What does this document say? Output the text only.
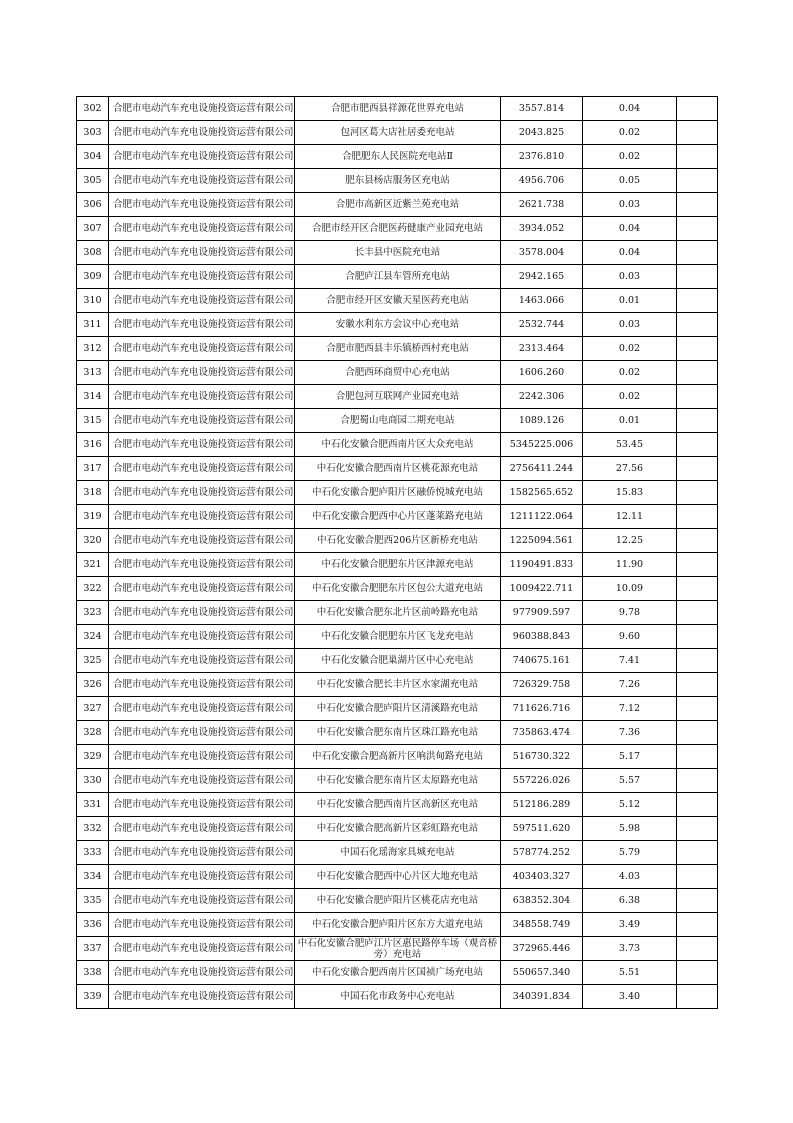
302	合肥市电动汽车充电设施投资运营有限公司	合肥市肥西县祥源花世界充电站	3557.814	0.04	
303	合肥市电动汽车充电设施投资运营有限公司	包河区葛大店社居委充电站	2043.825	0.02	
304	合肥市电动汽车充电设施投资运营有限公司	合肥肥东人民医院充电站Ⅱ	2376.810	0.02	
305	合肥市电动汽车充电设施投资运营有限公司	肥东县杨店服务区充电站	4956.706	0.05	
306	合肥市电动汽车充电设施投资运营有限公司	合肥市高新区近紫兰苑充电站	2621.738	0.03	
307	合肥市电动汽车充电设施投资运营有限公司	合肥市经开区合肥医药健康产业园充电站	3934.052	0.04	
308	合肥市电动汽车充电设施投资运营有限公司	长丰县中医院充电站	3578.004	0.04	
309	合肥市电动汽车充电设施投资运营有限公司	合肥庐江县车管所充电站	2942.165	0.03	
310	合肥市电动汽车充电设施投资运营有限公司	合肥市经开区安徽天星医药充电站	1463.066	0.01	
311	合肥市电动汽车充电设施投资运营有限公司	安徽水利东方会议中心充电站	2532.744	0.03	
312	合肥市电动汽车充电设施投资运营有限公司	合肥市肥西县丰乐镇桥西村充电站	2313.464	0.02	
313	合肥市电动汽车充电设施投资运营有限公司	合肥西环商贸中心充电站	1606.260	0.02	
314	合肥市电动汽车充电设施投资运营有限公司	合肥包河互联网产业园充电站	2242.306	0.02	
315	合肥市电动汽车充电设施投资运营有限公司	合肥蜀山电商园二期充电站	1089.126	0.01	
316	合肥市电动汽车充电设施投资运营有限公司	中石化安徽合肥西南片区大众充电站	5345225.006	53.45	
317	合肥市电动汽车充电设施投资运营有限公司	中石化安徽合肥西南片区桃花源充电站	2756411.244	27.56	
318	合肥市电动汽车充电设施投资运营有限公司	中石化安徽合肥庐阳片区融侨悦城充电站	1582565.652	15.83	
319	合肥市电动汽车充电设施投资运营有限公司	中石化安徽合肥西中心片区蓬莱路充电站	1211122.064	12.11	
320	合肥市电动汽车充电设施投资运营有限公司	中石化安徽合肥西206片区新桥充电站	1225094.561	12.25	
321	合肥市电动汽车充电设施投资运营有限公司	中石化安徽合肥肥东片区津源充电站	1190491.833	11.90	
322	合肥市电动汽车充电设施投资运营有限公司	中石化安徽合肥肥东片区包公大道充电站	1009422.711	10.09	
323	合肥市电动汽车充电设施投资运营有限公司	中石化安徽合肥东北片区前岭路充电站	977909.597	9.78	
324	合肥市电动汽车充电设施投资运营有限公司	中石化安徽合肥肥东片区飞龙充电站	960388.843	9.60	
325	合肥市电动汽车充电设施投资运营有限公司	中石化安徽合肥巢湖片区中心充电站	740675.161	7.41	
326	合肥市电动汽车充电设施投资运营有限公司	中石化安徽合肥长丰片区水家湖充电站	726329.758	7.26	
327	合肥市电动汽车充电设施投资运营有限公司	中石化安徽合肥庐阳片区清溪路充电站	711626.716	7.12	
328	合肥市电动汽车充电设施投资运营有限公司	中石化安徽合肥东南片区珠江路充电站	735863.474	7.36	
329	合肥市电动汽车充电设施投资运营有限公司	中石化安徽合肥高新片区响洪甸路充电站	516730.322	5.17	
330	合肥市电动汽车充电设施投资运营有限公司	中石化安徽合肥东南片区太原路充电站	557226.026	5.57	
331	合肥市电动汽车充电设施投资运营有限公司	中石化安徽合肥西南片区高新区充电站	512186.289	5.12	
332	合肥市电动汽车充电设施投资运营有限公司	中石化安徽合肥高新片区彩虹路充电站	597511.620	5.98	
333	合肥市电动汽车充电设施投资运营有限公司	中国石化瑶海家具城充电站	578774.252	5.79	
334	合肥市电动汽车充电设施投资运营有限公司	中石化安徽合肥西中心片区大地充电站	403403.327	4.03	
335	合肥市电动汽车充电设施投资运营有限公司	中石化安徽合肥庐阳片区桃花店充电站	638352.304	6.38	
336	合肥市电动汽车充电设施投资运营有限公司	中石化安徽合肥庐阳片区东方大道充电站	348558.749	3.49	
337	合肥市电动汽车充电设施投资运营有限公司	中石化安徽合肥庐江片区惠民路停车场（观音桥旁）充电站	372965.446	3.73	
338	合肥市电动汽车充电设施投资运营有限公司	中石化安徽合肥西南片区国祯广场充电站	550657.340	5.51	
339	合肥市电动汽车充电设施投资运营有限公司	中国石化市政务中心充电站	340391.834	3.40	
